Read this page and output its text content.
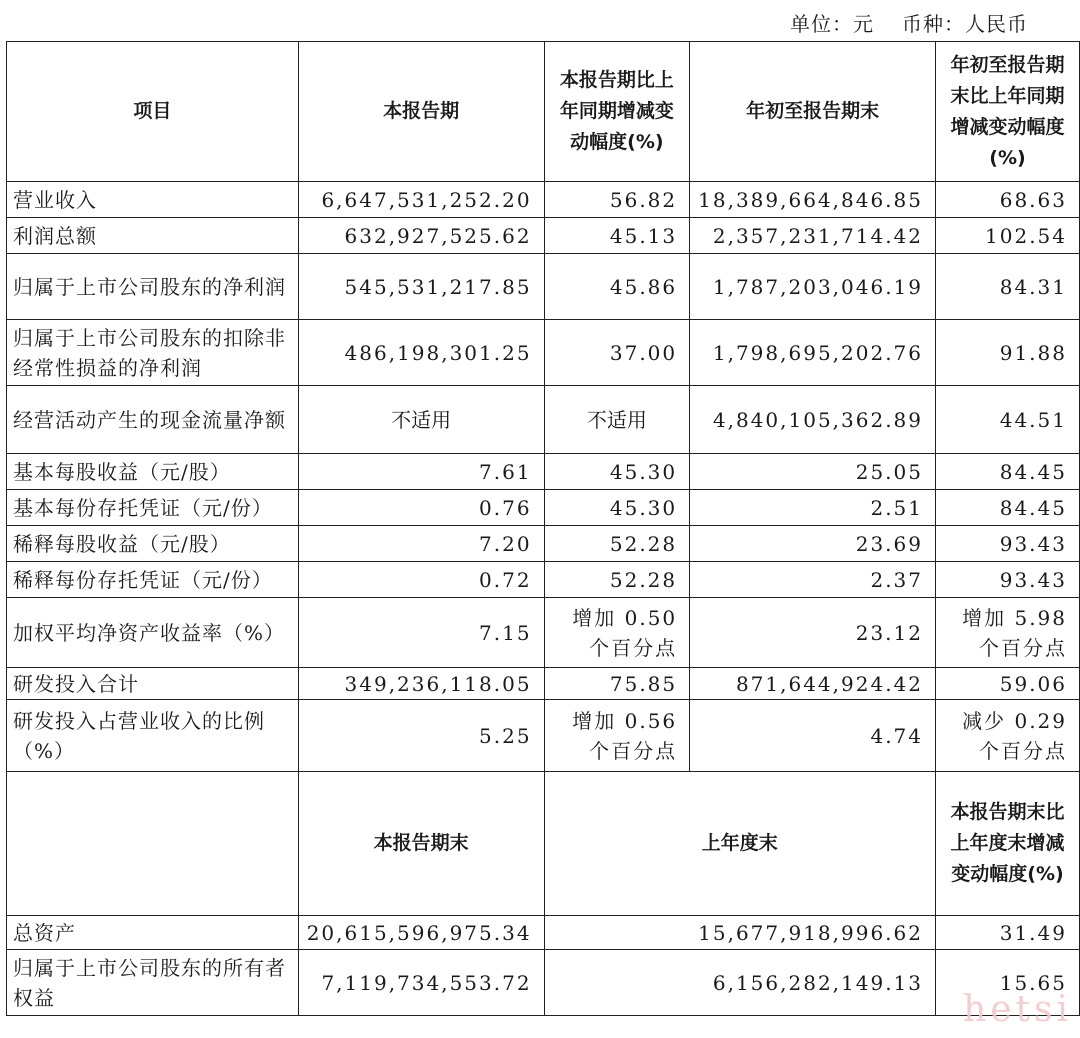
单位：元 币种：人民币
项目	本报告期	本报告期比上年同期增减变动幅度(%)	年初至报告期末	年初至报告期末比上年同期增减变动幅度(%)
营业收入	6,647,531,252.20	56.82	18,389,664,846.85	68.63
利润总额	632,927,525.62	45.13	2,357,231,714.42	102.54
归属于上市公司股东的净利润	545,531,217.85	45.86	1,787,203,046.19	84.31
归属于上市公司股东的扣除非经常性损益的净利润	486,198,301.25	37.00	1,798,695,202.76	91.88
经营活动产生的现金流量净额	不适用	不适用	4,840,105,362.89	44.51
基本每股收益（元/股）	7.61	45.30	25.05	84.45
基本每份存托凭证（元/份）	0.76	45.30	2.51	84.45
稀释每股收益（元/股）	7.20	52.28	23.69	93.43
稀释每份存托凭证（元/份）	0.72	52.28	2.37	93.43
加权平均净资产收益率（%）	7.15	增加 0.50 个百分点	23.12	增加 5.98 个百分点
研发投入合计	349,236,118.05	75.85	871,644,924.42	59.06
研发投入占营业收入的比例（%）	5.25	增加 0.56 个百分点	4.74	减少 0.29 个百分点
	本报告期末	上年度末		本报告期末比上年度末增减变动幅度(%)
总资产	20,615,596,975.34	15,677,918,996.62		31.49
归属于上市公司股东的所有者权益	7,119,734,553.72	6,156,282,149.13		15.65
hetsi
